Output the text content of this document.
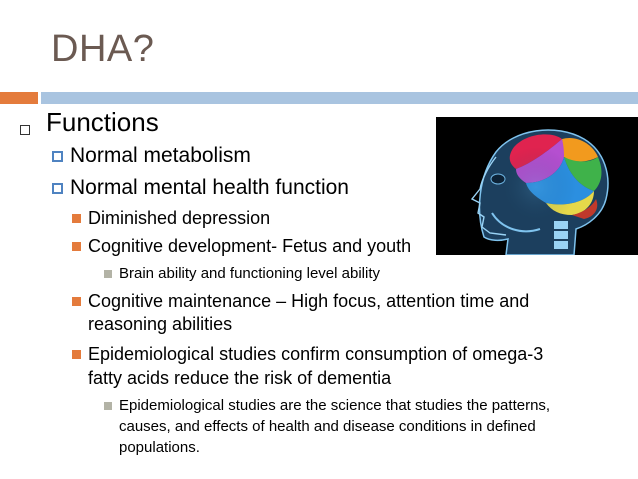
DHA?
Functions
Normal metabolism
Normal mental health function
Diminished depression
Cognitive development- Fetus and youth
Brain ability and functioning level ability
Cognitive maintenance – High focus, attention time and
reasoning abilities
Epidemiological studies confirm consumption of omega-3
fatty acids reduce the risk of dementia
Epidemiological studies are the science that studies the patterns,
causes, and effects of health and disease conditions in defined
populations.
